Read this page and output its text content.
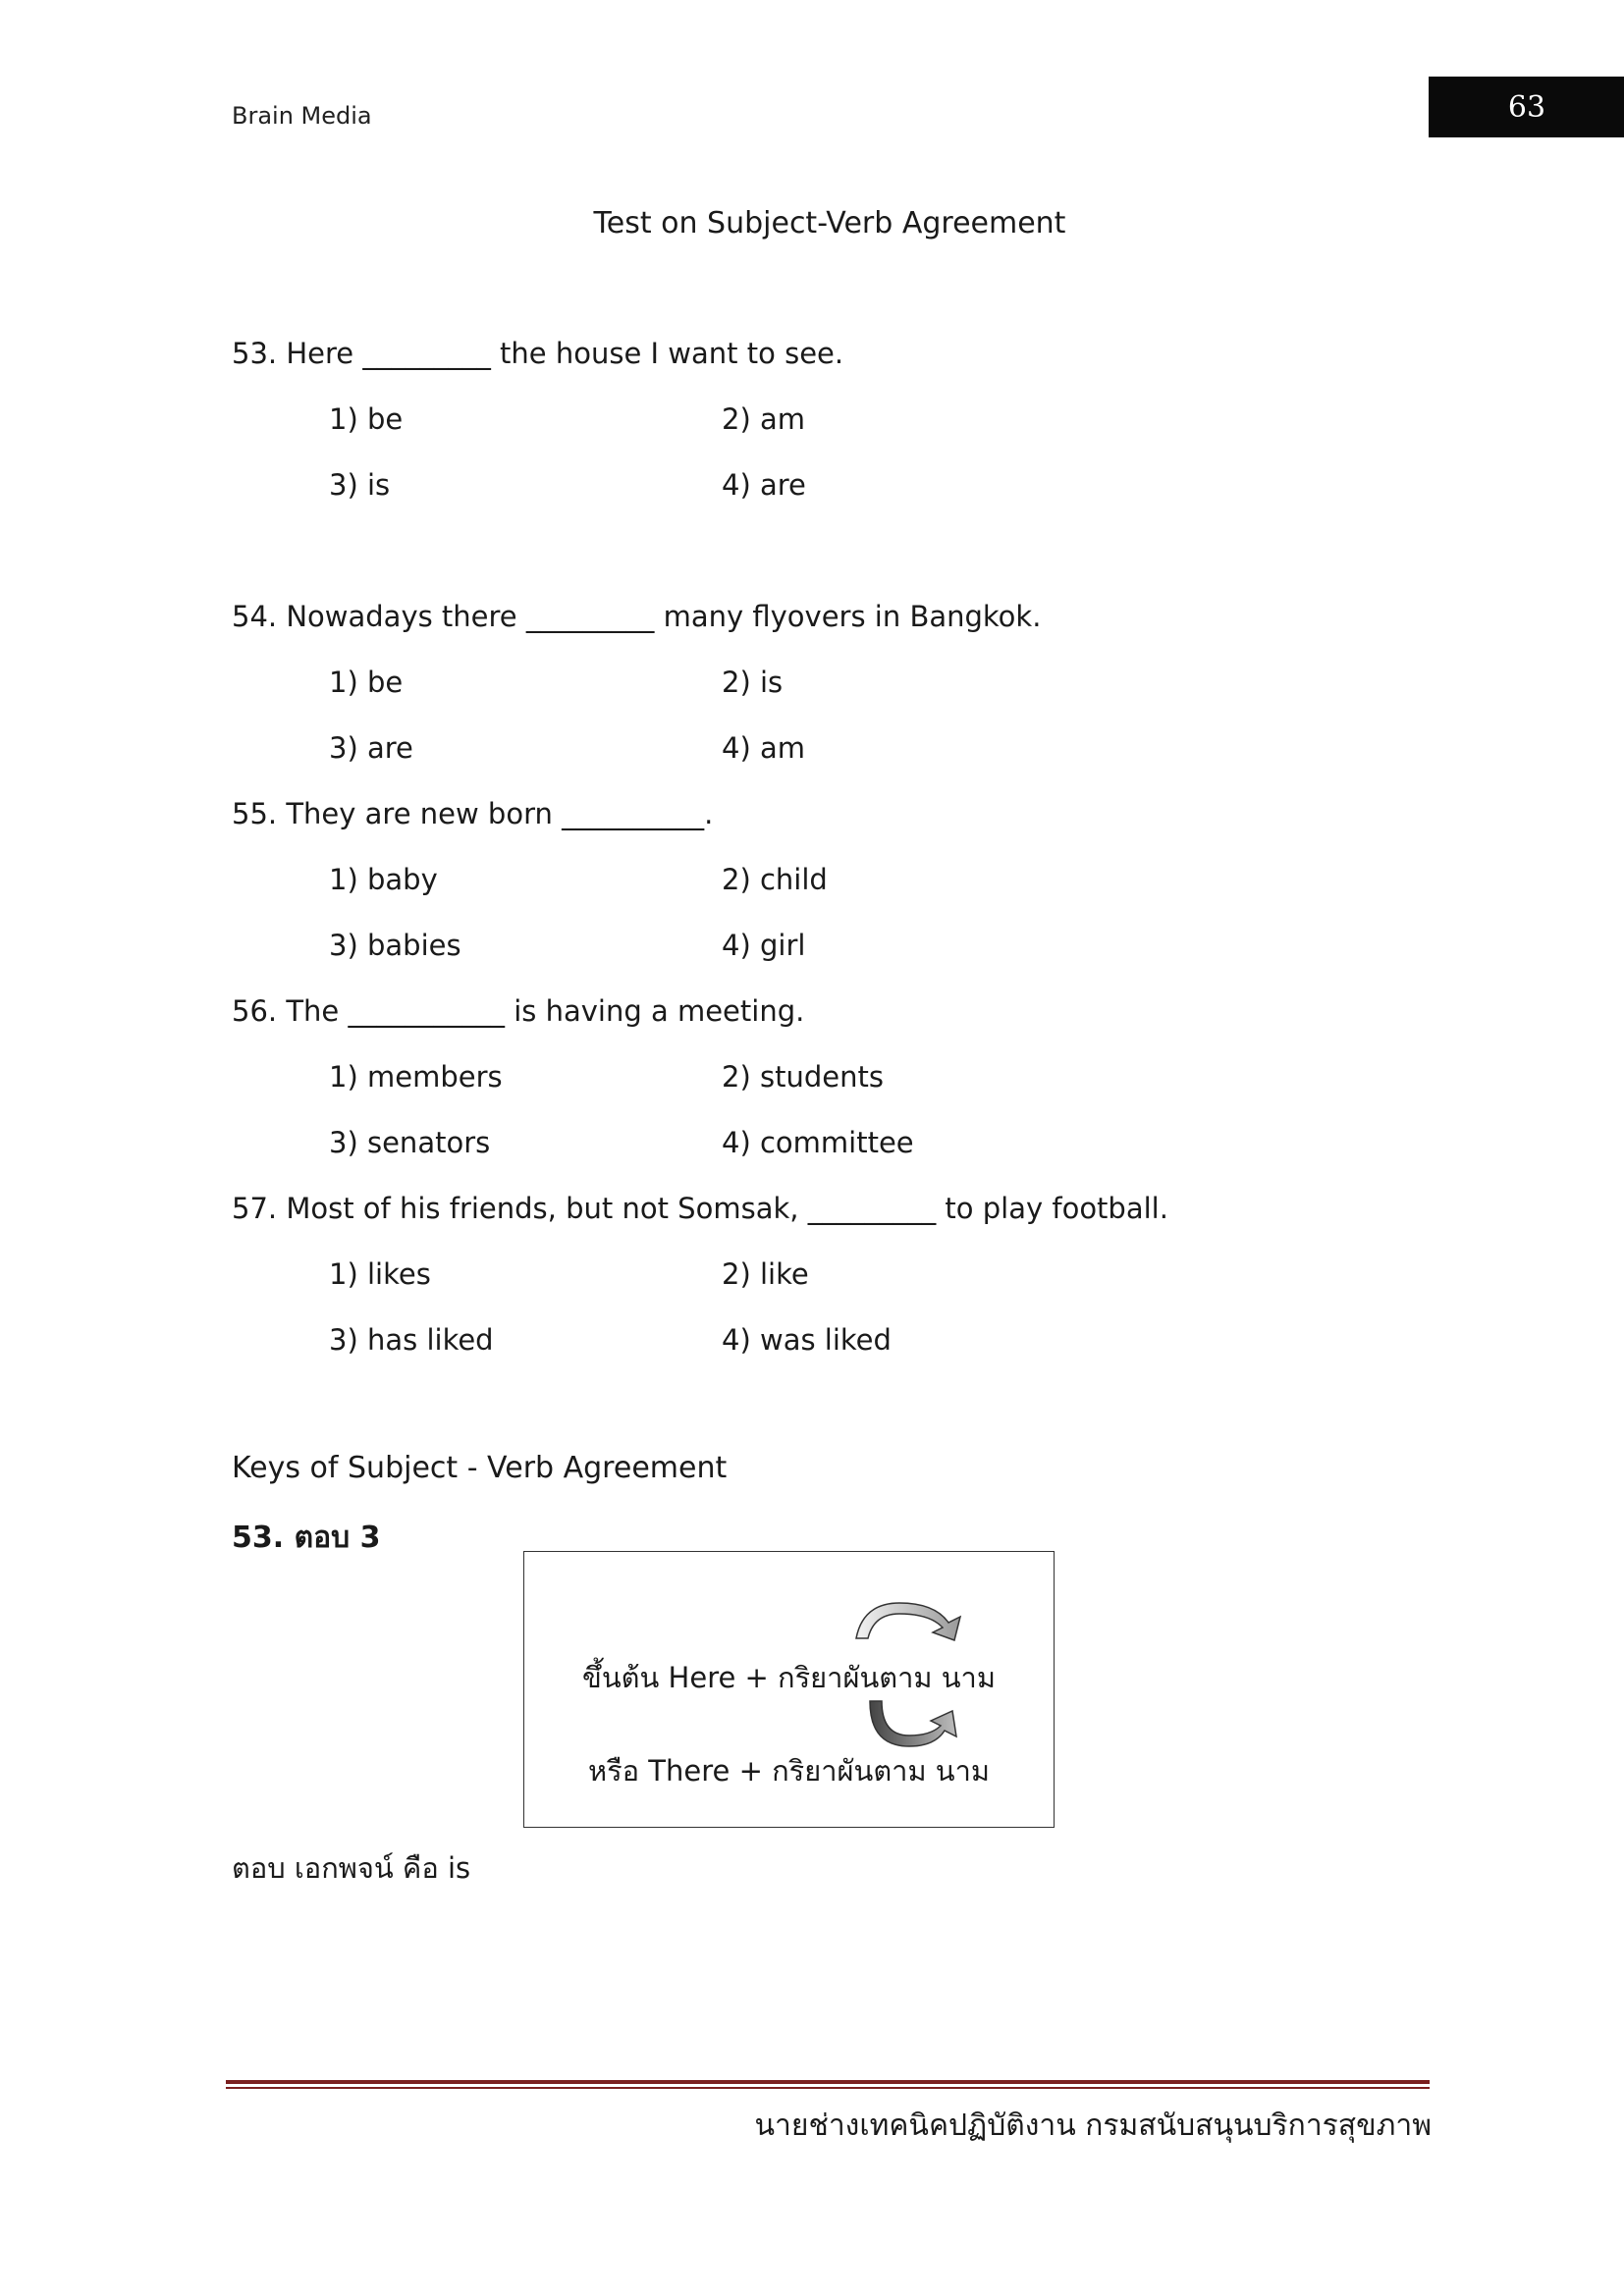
Brain Media	63
Test on Subject-Verb Agreement
53. Here _________ the house I want to see.
1) be	2) am
3) is	4) are
54. Nowadays there _________ many flyovers in Bangkok.
1) be	2) is
3) are	4) am
55. They are new born __________.
1) baby	2) child
3) babies	4) girl
56. The ___________ is having a meeting.
1) members	2) students
3) senators	4) committee
57. Most of his friends, but not Somsak, _________ to play football.
1) likes	2) like
3) has liked	4) was liked
Keys of Subject - Verb Agreement
53. ตอบ 3
ขึ้นต้น Here + กริยาผันตาม นาม
หรือ There + กริยาผันตาม นาม
ตอบ เอกพจน์ คือ is
นายช่างเทคนิคปฏิบัติงาน กรมสนับสนุนบริการสุขภาพ
